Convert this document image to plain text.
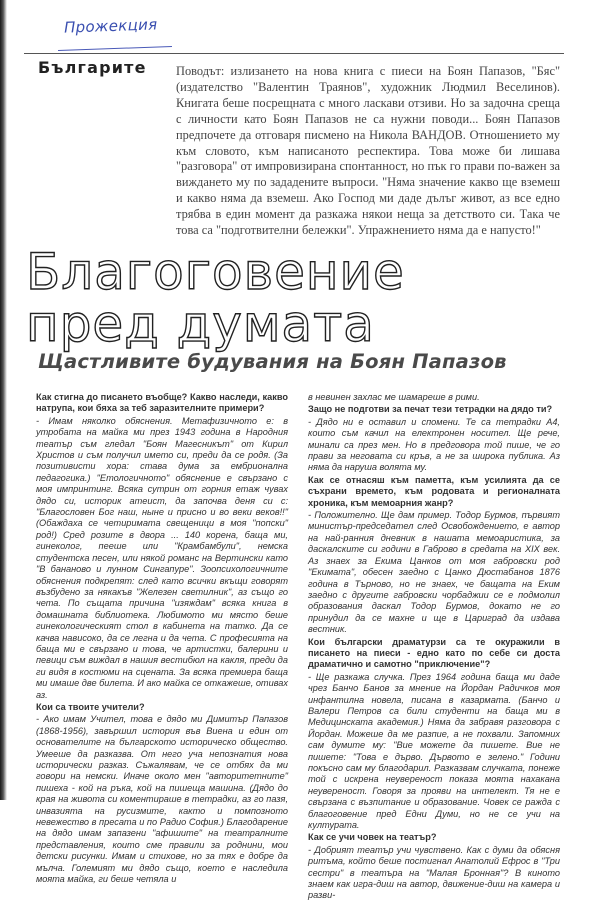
Прожекция
Българите Поводът: излизането на нова книга с пиеси на Боян Папазов, "Бяс" (издателство "Валентин Траянов", художник Людмил Веселинов). Книгата беше посрещната с много ласкави отзиви. Но за задочна среща с личности като Боян Папазов не са нужни поводи... Боян Папазов предпочете да отговаря писмено на Никола ВАНДОВ. Отношението му към словото, към написаното респектира. Това може би лишава "разговора" от импровизирана спонтанност, но пък го прави по-важен за виждането му по зададените въпроси. "Няма значение какво ще вземеш и какво няма да вземеш. Ако Господ ми даде дълъг живот, аз все едно трябва в един момент да разкажа някои неща за детството си. Така че това са "подготвителни бележки". Упражнението няма да е напусто!"

Благоговение
пред думата
Щастливите будувания на Боян Папазов

Как стигна до писането въобще? Какво наследи, какво натрупа, кои бяха за теб заразителните примери?

- Имам няколко обяснения. Метафизичното е: в утробата на майка ми през 1943 година в Народния театър съм гледал "Боян Магесникът" от Кирил Христов и съм получил името си, преди да се родя. (За позитивисти хора: става дума за ембрионална педагогика.) "Етологичното" обяснение е свързано с моя импринтинг. Всяка сутрин от горния етаж чувах дядо си, историк атеист, да започва деня си с: "Благословен Бог наш, ныне и присно и во веки веков!!" (Обаждаха се четиримата свещеници в моя "попски" род!) Сред розите в двора ... 140 корена, баща ми, гинеколог, пееше или "Крамбамбули", немска студентска песен, или някой романс на Вертински като "В бананово и лунном Сингапуре". Зоопсихологичните обяснения подкрепят: след като всички вкъщи говорят възбудено за някакъв "Железен светилник", аз също го чета. По същата причина "изяждам" всяка книга в домашната библиотека. Любимото ми място беше гинекологическият стол в кабинета на татко. Да се качва нависоко, да се легна и да чета. С професията на баща ми е свързано и това, че артистки, балерини и певици съм виждал в нашия вестибюл на какля, преди да ги видя в костюми на сцената. За всяка премиера баща ми имаше две билета. И ако майка се откажеше, отивах аз.

Кои са твоите учители?

- Ако имам Учител, това е дядо ми Димитър Папазов (1868-1956), завършил история във Виена и един от основателите на българското историческо общество. Умееше да разказва. От него уча непознатия нова исторически разказ. Съжалявам, че се отбях да ми говори на немски. Иначе около мен "авторитетните" пишеха - кой на ръка, кой на пишеща машина. (Дядо до края на живота си коментираше в тетрадки, аз го пазя, инвазията на русизмите, както и помпозното невежество в пресата и по Радио София.) Благодарение на дядо имам запазени "афишите" на театралните представления, които сме правили за роднини, мои детски рисунки. Имам и стихове, но за тях е добре да мълча. Големият ми дядо също, което е наследила моята майка, ги беше четяла и

в невинен захлас ме шамареше в рими.

Защо не подготви за печат тези тетрадки на дядо ти?

- Дядо ни е оставил и спомени. Те са тетрадки А4, които съм качил на електронен носител. Ще рече, минали са през мен. Но в предговора той пише, че го прави за неговата си кръв, а не за широка публика. Аз няма да наруша волята му.

Как се отнасяш към паметта, към усилията да се съхрани времето, към родовата и регионалната хроника, към мемоарния жанр?

- Положително. Ще дам пример. Тодор Бурмов, първият министър-председател след Освобождението, е автор на най-ранния дневник в нашата мемоаристика, за даскалските си години в Габрово в средата на XIX век. Аз знаех за Екима Цанков от моя габровски род "Екимата", обесен заедно с Цанко Дюстабанов 1876 година в Търново, но не знаех, че бащата на Еким заедно с другите габровски чорбаджии се е подмолил образования даскал Тодор Бурмов, докато не го принудил да се махне и ще в Цариград да издава вестник.

Кои български драматурзи са те окуражили в писането на пиеси - едно като по себе си доста драматично и самотно "приключение"?

- Ще разкажа случка. През 1964 година баща ми даде чрез Банчо Банов за мнение на Йордан Радичков моя инфантилна новела, писана в казармата. (Банчо и Валери Петров са били студенти на баща ми в Медицинската академия.) Няма да забравя разговора с Йордан. Можеше да ме разпие, а не похвали. Запомних сам думите му: "Вие можете да пишете. Вие не пишете: "Това е дърво. Дървото е зелено." Години покъсно сам му благодарил. Разказвам случката, понеже той с искрена неувереност показа моята нахакана неувереност. Говоря за прояви на интелект. Тя не е свързана с възпитание и образование. Човек се ражда с благоговение пред Едни Думи, но не се учи на културата.

Как се учи човек на театър?

- Добрият театър учи чувствено. Как с думи да обясня ритъма, който беше постигнал Анатолий Ефрос в "Три сестри" в театъра на "Малая Бронная"? В киното знаем как игра-диш на автор, движение-диш на камера и разви-
